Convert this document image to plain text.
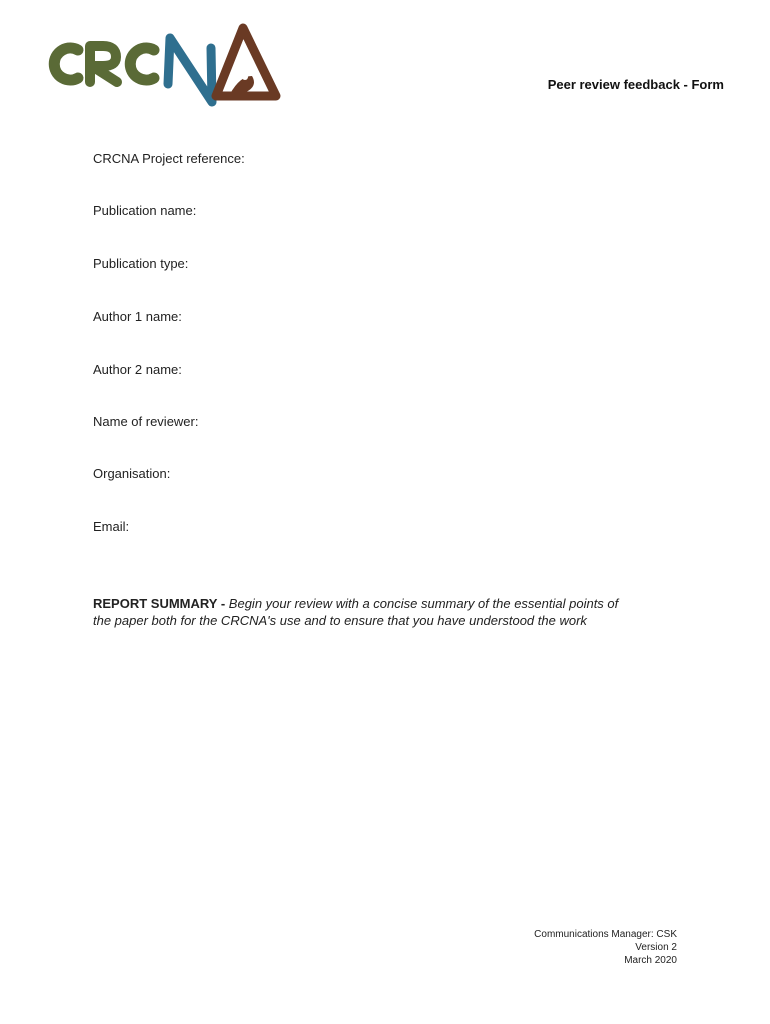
Peer review feedback - Form
CRCNA Project reference:
Publication name:
Publication type:
Author 1 name:
Author 2 name:
Name of reviewer:
Organisation:
Email:
REPORT SUMMARY - Begin your review with a concise summary of the essential points of the paper both for the CRCNA's use and to ensure that you have understood the work
Communications Manager: CSK
Version 2
March 2020
